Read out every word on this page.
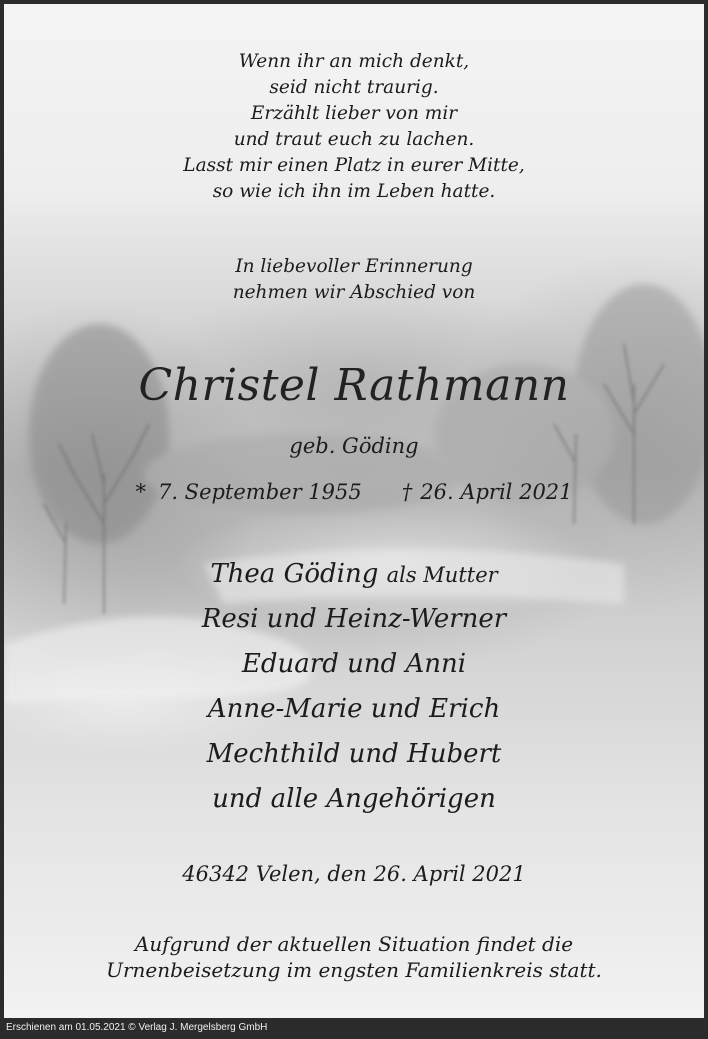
Wenn ihr an mich denkt,
seid nicht traurig.
Erzählt lieber von mir
und traut euch zu lachen.
Lasst mir einen Platz in eurer Mitte,
so wie ich ihn im Leben hatte.
In liebevoller Erinnerung
nehmen wir Abschied von
Christel Rathmann
geb. Göding
* 7. September 1955 † 26. April 2021
Thea Göding als Mutter
Resi und Heinz-Werner
Eduard und Anni
Anne-Marie und Erich
Mechthild und Hubert
und alle Angehörigen
46342 Velen, den 26. April 2021
Aufgrund der aktuellen Situation findet die
Urnenbeisetzung im engsten Familienkreis statt.
Erschienen am 01.05.2021 © Verlag J. Mergelsberg GmbH
